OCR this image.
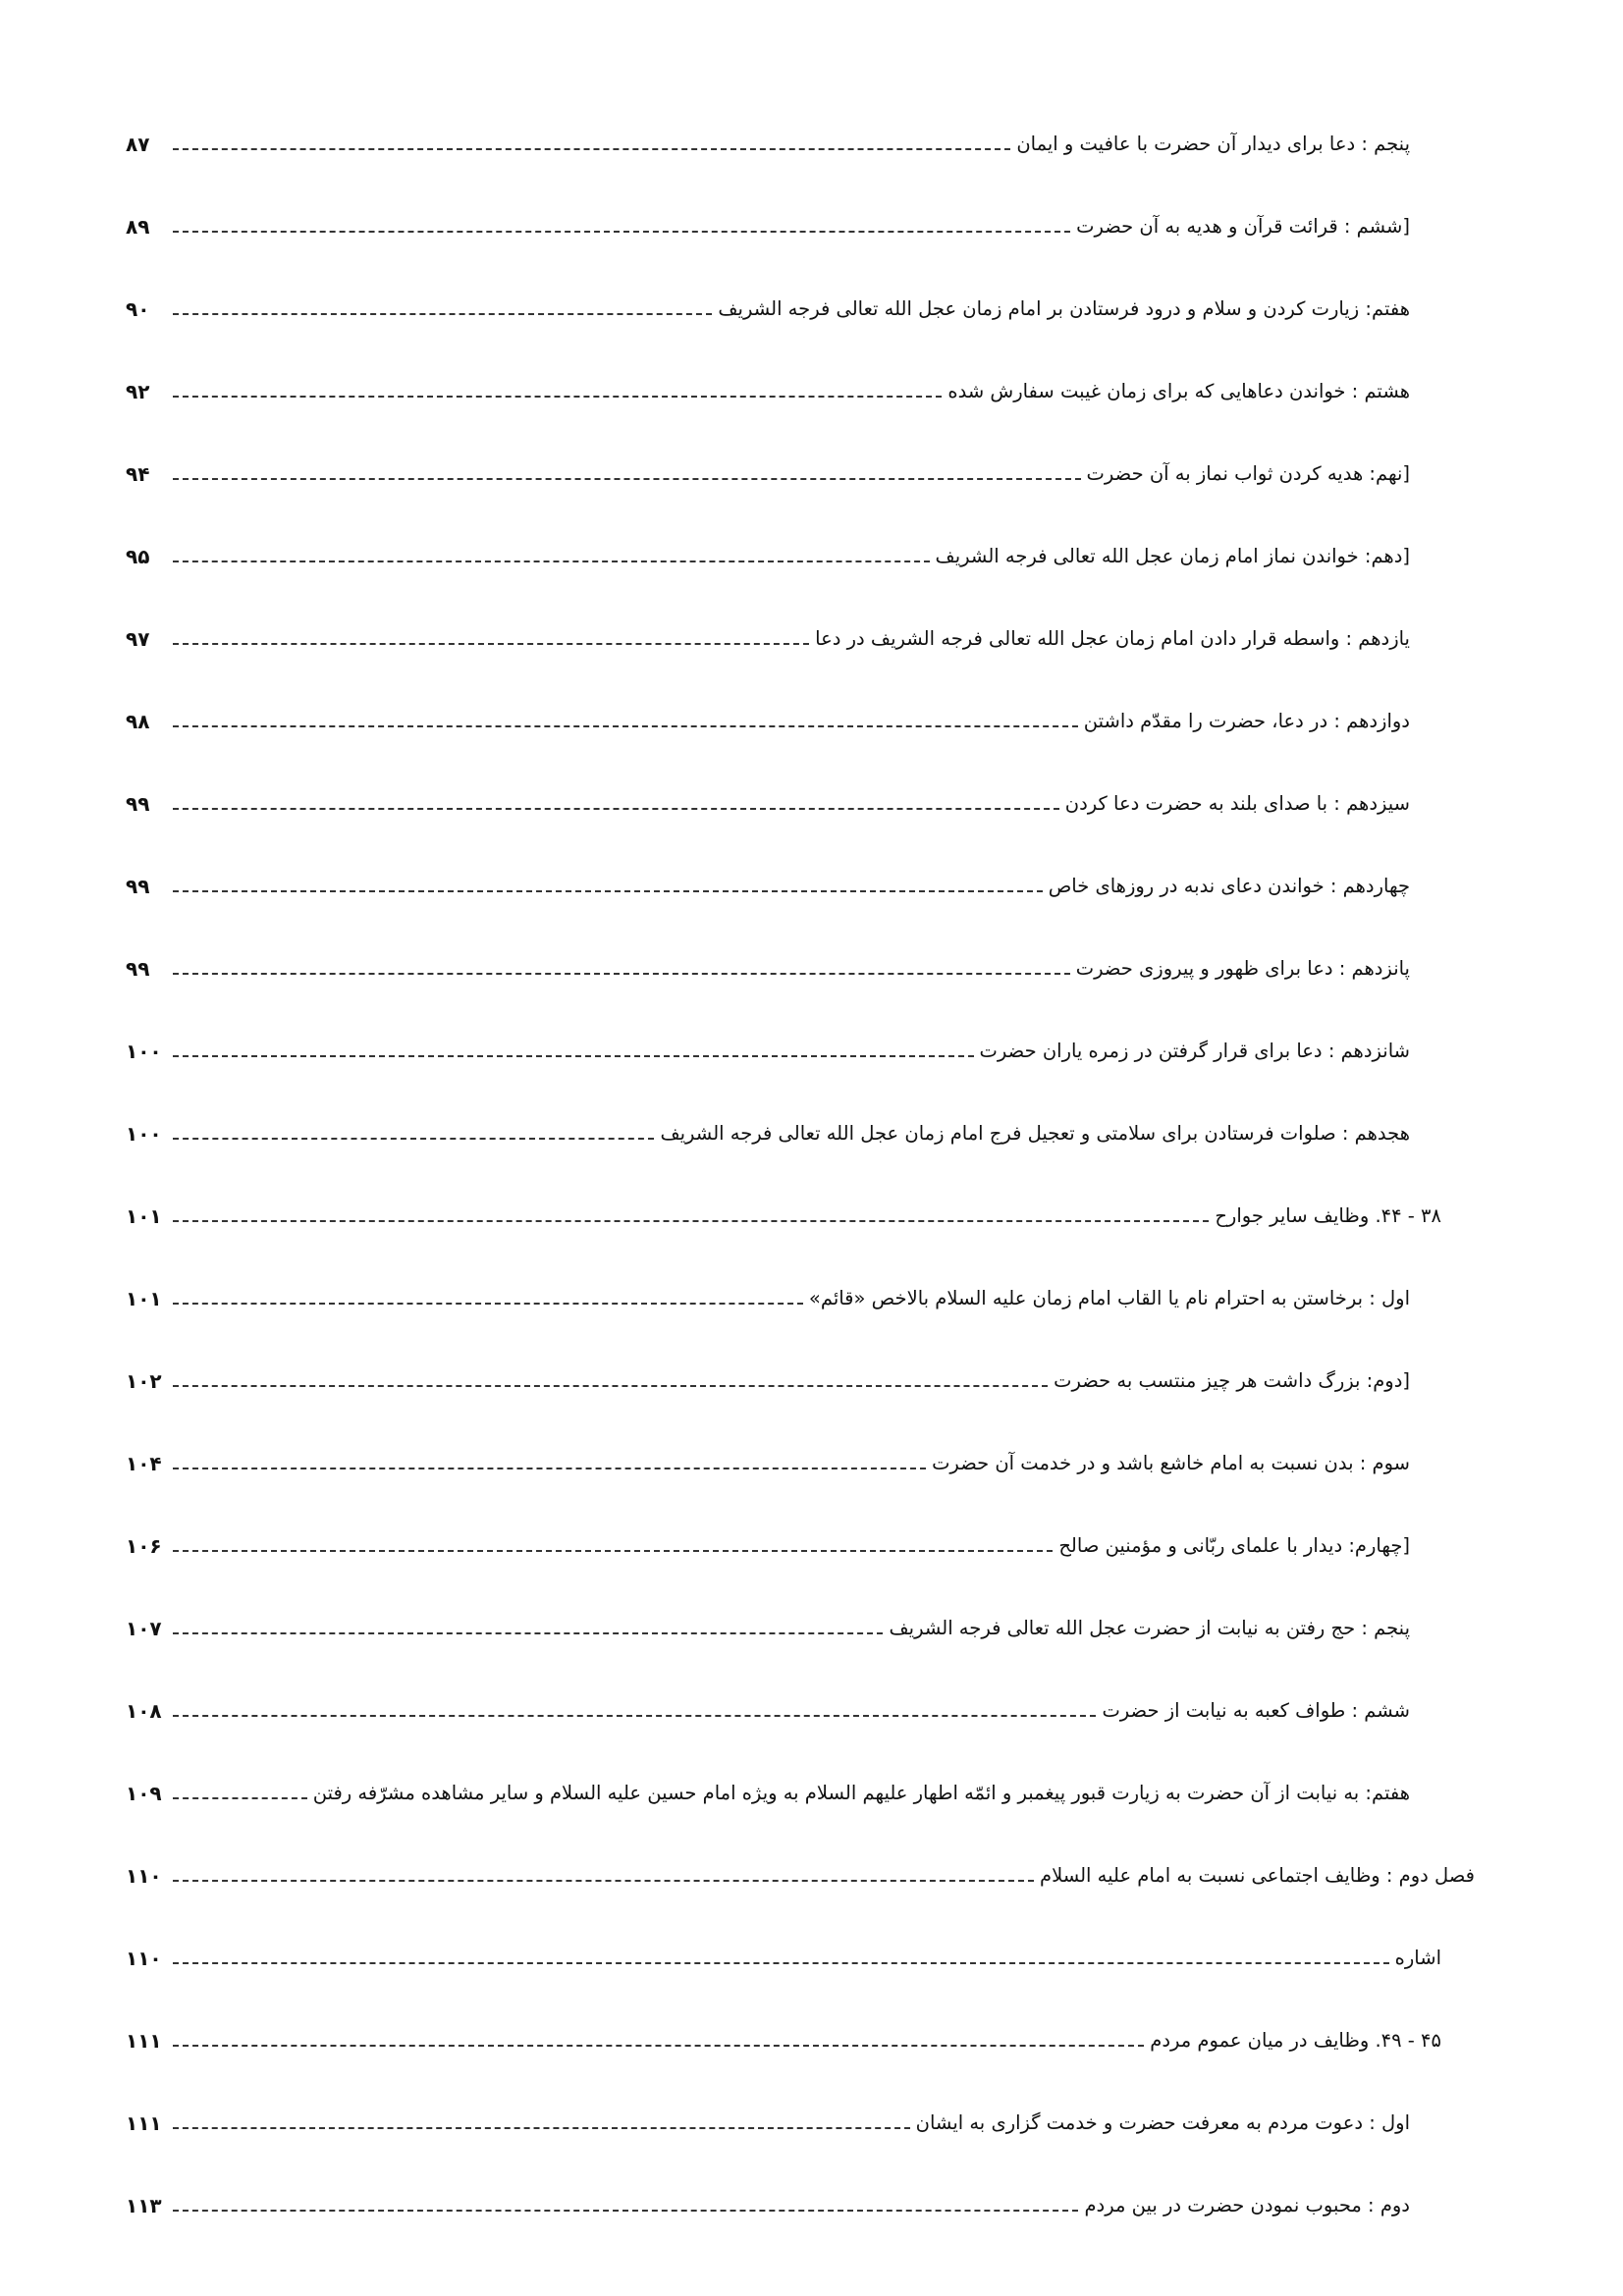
پنجم : دعا برای دیدار آن حضرت با عافیت و ایمان
۸۷
[ششم : قرائت قرآن و هدیه به آن حضرت
۸۹
هفتم: زیارت کردن و سلام و درود فرستادن بر امام زمان عجل الله تعالی فرجه الشریف
۹۰
هشتم : خواندن دعاهایی که برای زمان غیبت سفارش شده
۹۲
[نهم: هدیه کردن ثواب نماز به آن حضرت
۹۴
[دهم: خواندن نماز امام زمان عجل الله تعالی فرجه الشریف
۹۵
یازدهم : واسطه قرار دادن امام زمان عجل الله تعالی فرجه الشریف در دعا
۹۷
دوازدهم : در دعا، حضرت را مقدّم داشتن
۹۸
سیزدهم : با صدای بلند به حضرت دعا کردن
۹۹
چهاردهم : خواندن دعای ندبه در روزهای خاص
۹۹
پانزدهم : دعا برای ظهور و پیروزی حضرت
۹۹
شانزدهم : دعا برای قرار گرفتن در زمره یاران حضرت
۱۰۰
هجدهم : صلوات فرستادن برای سلامتی و تعجیل فرج امام زمان عجل الله تعالی فرجه الشریف
۱۰۰
۳۸ - ۴۴. وظایف سایر جوارح
۱۰۱
اول : برخاستن به احترام نام یا القاب امام زمان علیه السلام بالاخص «قائم»
۱۰۱
[دوم: بزرگ داشت هر چیز منتسب به حضرت
۱۰۲
سوم : بدن نسبت به امام خاشع باشد و در خدمت آن حضرت
۱۰۴
[چهارم: دیدار با علمای ربّانی و مؤمنین صالح
۱۰۶
پنجم : حج رفتن به نیابت از حضرت عجل الله تعالی فرجه الشریف
۱۰۷
ششم : طواف کعبه به نیابت از حضرت
۱۰۸
هفتم: به نیابت از آن حضرت به زیارت قبور پیغمبر و ائمّه اطهار علیهم السلام به ویژه امام حسین علیه السلام و سایر مشاهده مشرّفه رفتن
۱۰۹
فصل دوم : وظایف اجتماعی نسبت به امام علیه السلام
۱۱۰
اشاره
۱۱۰
۴۵ - ۴۹. وظایف در میان عموم مردم
۱۱۱
اول : دعوت مردم به معرفت حضرت و خدمت گزاری به ایشان
۱۱۱
دوم : محبوب نمودن حضرت در بین مردم
۱۱۳
